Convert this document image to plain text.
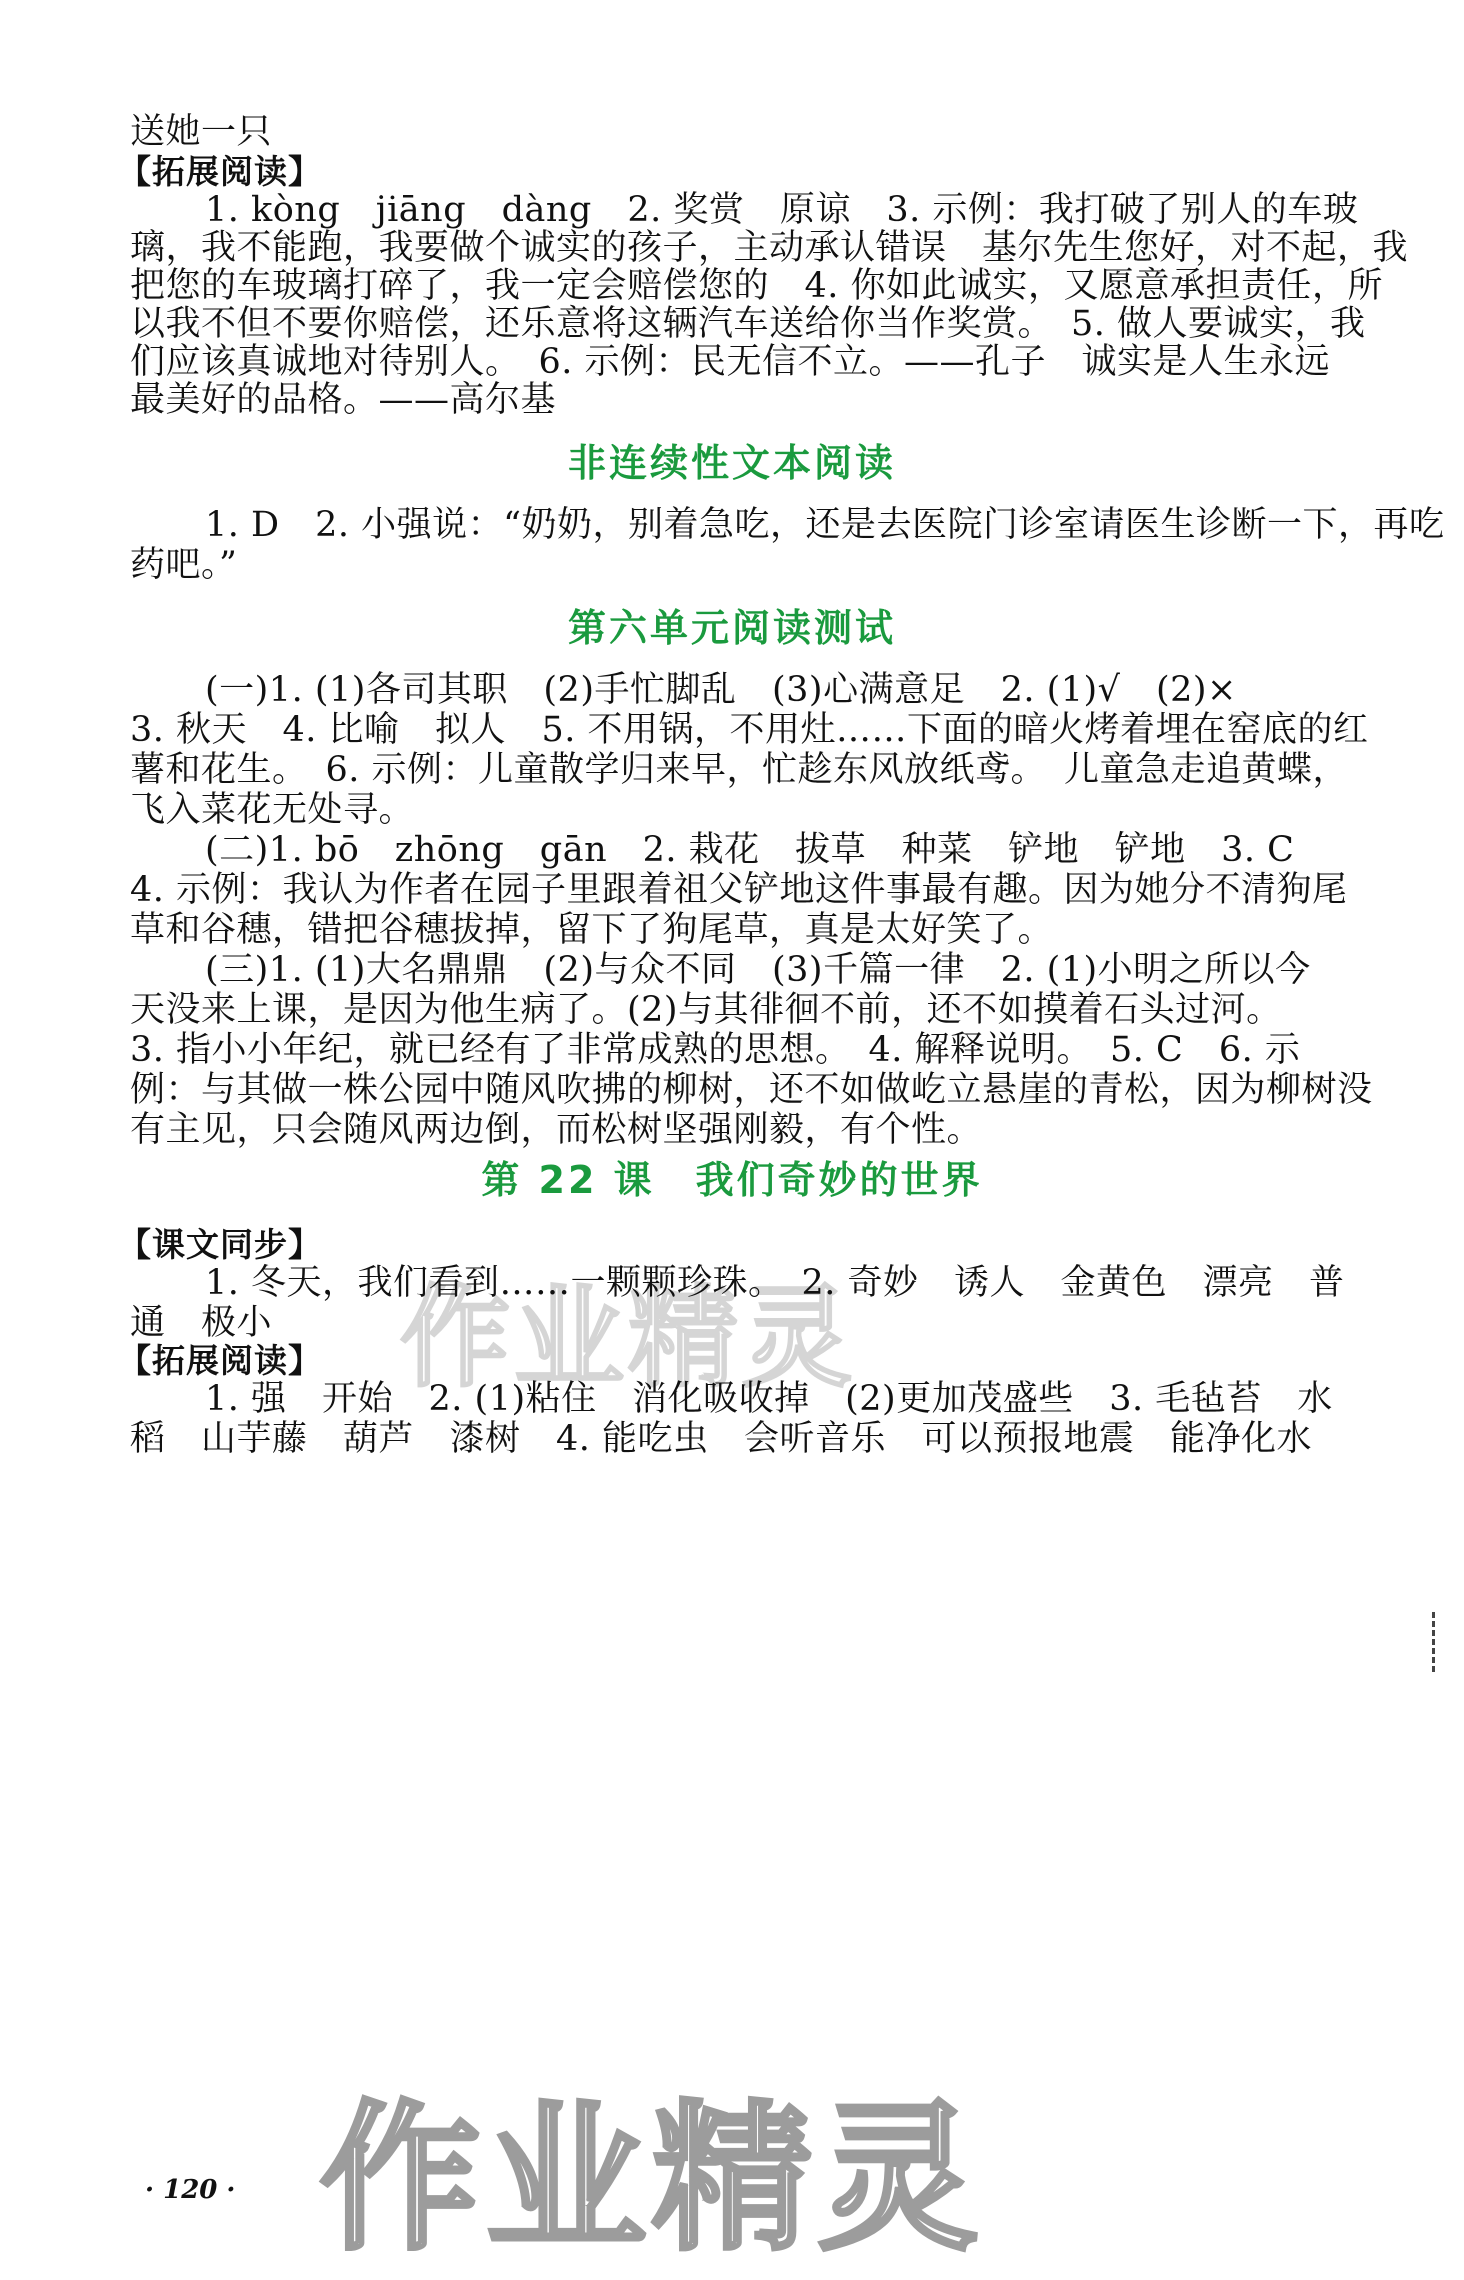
作业精灵
送她一只
【拓展阅读】
1. kòng　jiāng　dàng　2. 奖赏　原谅　3. 示例：我打破了别人的车玻
璃，我不能跑，我要做个诚实的孩子，主动承认错误　基尔先生您好，对不起，我
把您的车玻璃打碎了，我一定会赔偿您的　4. 你如此诚实，又愿意承担责任，所
以我不但不要你赔偿，还乐意将这辆汽车送给你当作奖赏。　5. 做人要诚实，我
们应该真诚地对待别人。　6. 示例：民无信不立。——孔子　诚实是人生永远
最美好的品格。——高尔基
非连续性文本阅读
1. D　2. 小强说：“奶奶，别着急吃，还是去医院门诊室请医生诊断一下，再吃
药吧。”
第六单元阅读测试
(一)1. (1)各司其职　(2)手忙脚乱　(3)心满意足　2. (1)√　(2)×
3. 秋天　4. 比喻　拟人　5. 不用锅，不用灶……下面的暗火烤着埋在窑底的红
薯和花生。　6. 示例：儿童散学归来早，忙趁东风放纸鸢。　儿童急走追黄蝶，
飞入菜花无处寻。
(二)1. bō　zhōng　gān　2. 栽花　拔草　种菜　铲地　铲地　3. C
4. 示例：我认为作者在园子里跟着祖父铲地这件事最有趣。因为她分不清狗尾
草和谷穗，错把谷穗拔掉，留下了狗尾草，真是太好笑了。
(三)1. (1)大名鼎鼎　(2)与众不同　(3)千篇一律　2. (1)小明之所以今
天没来上课，是因为他生病了。(2)与其徘徊不前，还不如摸着石头过河。
3. 指小小年纪，就已经有了非常成熟的思想。　4. 解释说明。　5. C　6. 示
例：与其做一株公园中随风吹拂的柳树，还不如做屹立悬崖的青松，因为柳树没
有主见，只会随风两边倒，而松树坚强刚毅，有个性。
第 22 课　我们奇妙的世界
【课文同步】
1. 冬天，我们看到……一颗颗珍珠。　2. 奇妙　诱人　金黄色　漂亮　普
通　极小
【拓展阅读】
1. 强　开始　2. (1)粘住　消化吸收掉　(2)更加茂盛些　3. 毛毡苔　水
稻　山芋藤　葫芦　漆树　4. 能吃虫　会听音乐　可以预报地震　能净化水
· 120 · 作业精灵
